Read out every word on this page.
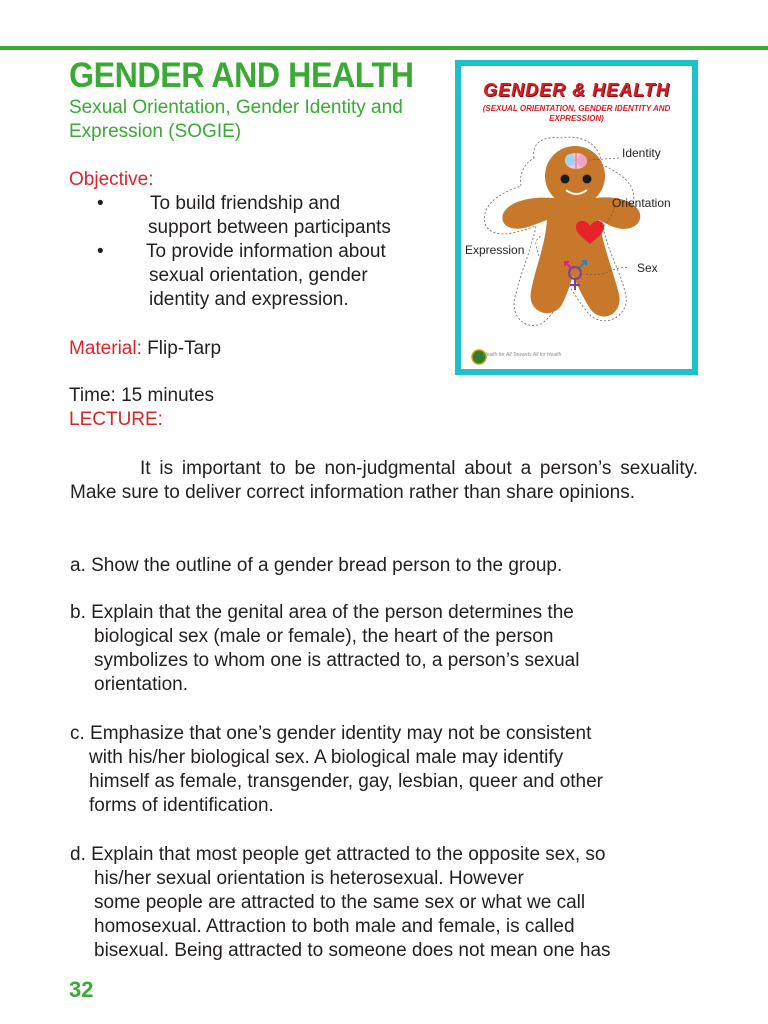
GENDER AND HEALTH
Sexual Orientation, Gender Identity and Expression (SOGIE)
Objective:
• To build friendship and
support between participants
• To provide information about
sexual orientation, gender
identity and expression.
Material: Flip-Tarp
Time: 15 minutes
LECTURE:
It is important to be non-judgmental about a person’s sexuality. Make sure to deliver correct information rather than share opinions.
a. Show the outline of a gender bread person to the group.
b. Explain that the genital area of the person determines the
biological sex (male or female), the heart of the person
symbolizes to whom one is attracted to, a person’s sexual
orientation.
c. Emphasize that one’s gender identity may not be consistent
with his/her biological sex. A biological male may identify
himself as female, transgender, gay, lesbian, queer and other
forms of identification.
d. Explain that most people get attracted to the opposite sex, so
his/her sexual orientation is heterosexual. However
some people are attracted to the same sex or what we call
homosexual. Attraction to both male and female, is called
bisexual. Being attracted to someone does not mean one has
32
GENDER & HEALTH
(SEXUAL ORIENTATION, GENDER IDENTITY AND EXPRESSION)
Identity
Orientation
Expression
Sex
Health for All Towards All for Health
